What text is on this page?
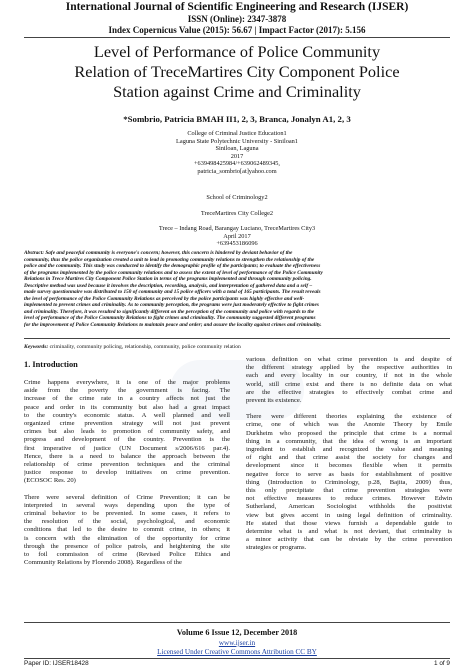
International Journal of Scientific Engineering and Research (IJSER)
ISSN (Online): 2347-3878
Index Copernicus Value (2015): 56.67 | Impact Factor (2017): 5.156
Level of Performance of Police Community
Relation of TreceMartires City Component Police
Station against Crime and Criminality
*Sombrio, Patricia BMAH II1, 2, 3, Branca, Jonalyn A1, 2, 3
College of Criminal Justice Education1
Laguna State Polytechnic University - Siniloan1
Siniloan, Laguna
2017
+639498425984/+639062489345,
patricia_sombrio[at]yahoo.com
School of Criminology2
TreceMartires City College2
Trece – Indang Road, Barangay Luciano, TreceMartires City3
April 2017
+639453186096
Abstract: Safe and peaceful community is everyone's concern; however, this concern is hindered by deviant behavior of the
community, thus the police organization created a unit to lead in promoting community relations to strengthen the relationship of the
police and the community. This study was conducted to identify the demographic profile of the participants; to evaluate the effectiveness
of the programs implemented by the police community relations and to assess the extent of level of performance of the Police Community
Relations in Trece Martires City Component Police Station in terms of the programs implemented and through community policing.
Descriptive method was used because it involves the description, recording, analysis, and interpretation of gathered data and a self –
made survey questionnaire was distributed to 150 of community and 15 police officers with a total of 165 participants. The result reveals
the level of performance of the Police Community Relations as perceived by the police participants was highly effective and well-
implemented to prevent crimes and criminality. As to community perception, the programs were just moderately effective to fight crimes
and criminality. Therefore, it was resulted to significantly different on the perception of the community and police with regards to the
level of performance of the Police Community Relations to fight crimes and criminality. The community suggested different programs
for the improvement of Police Community Relations to maintain peace and order; and assure the locality against crimes and criminality.
Keywords: criminality, community policing, relationship, community, police community relation
1. Introduction
Crime happens everywhere, it is one of the major problems
aside from the poverty the government is facing. The
increase of the crime rate in a country affects not just the
peace and order in its community but also had a great impact
to the country's economic status. A well planned and well
organized crime prevention strategy will not just prevent
crimes but also leads to promotion of community safety, and
progress and development of the country. Prevention is the
first imperative of justice (UN Document s/2006/616 par.4).
Hence, there is a need to balance the approach between the
relationship of crime prevention techniques and the criminal
justice response to develop initiatives on crime prevention.
(ECOSOC Res. 20)
There were several definition of Crime Prevention; it can be
interpreted in several ways depending upon the type of
criminal behavior to be prevented. In some cases, it refers to
the resolution of the social, psychological, and economic
conditions that led to the desire to commit crime, in others; it
is concern with the elimination of the opportunity for crime
through the presence of police patrols, and heightening the site
to foil commission of crime (Revised Police Ethics and
Community Relations by Florendo 2008). Regardless of the
various definition on what crime prevention is and despite of
the different strategy applied by the respective authorities in
each and every locality in our country, if not in the whole
world, still crime exist and there is no definite data on what
are the effective strategies to effectively combat crime and
prevent its existence.
There were different theories explaining the existence of
crime, one of which was the Anomie Theory by Emile
Durkheim who proposed the principle that crime is a normal
thing in a community, that the idea of wrong is an important
ingredient to establish and recognized the value and meaning
of right and that crime assist the society for changes and
development since it becomes flexible when it permits
negative force to serve as basis for establishment of positive
thing (Introduction to Criminology, p.28, Bajita, 2009) thus,
this only precipitate that crime prevention strategies were
not effective measures to reduce crimes. However Edwin
Sutherland, American Sociologist withholds the positivist
view but gives accent in using legal definition of criminality.
He stated that those views furnish a dependable guide to
determine what is and what is not deviant, that criminality is
a minor activity that can be obviate by the crime prevention
strategies or programs.
Volume 6 Issue 12, December 2018
www.ijser.in
Licensed Under Creative Commons Attribution CC BY
Paper ID: IJSER18428	1 of 9
